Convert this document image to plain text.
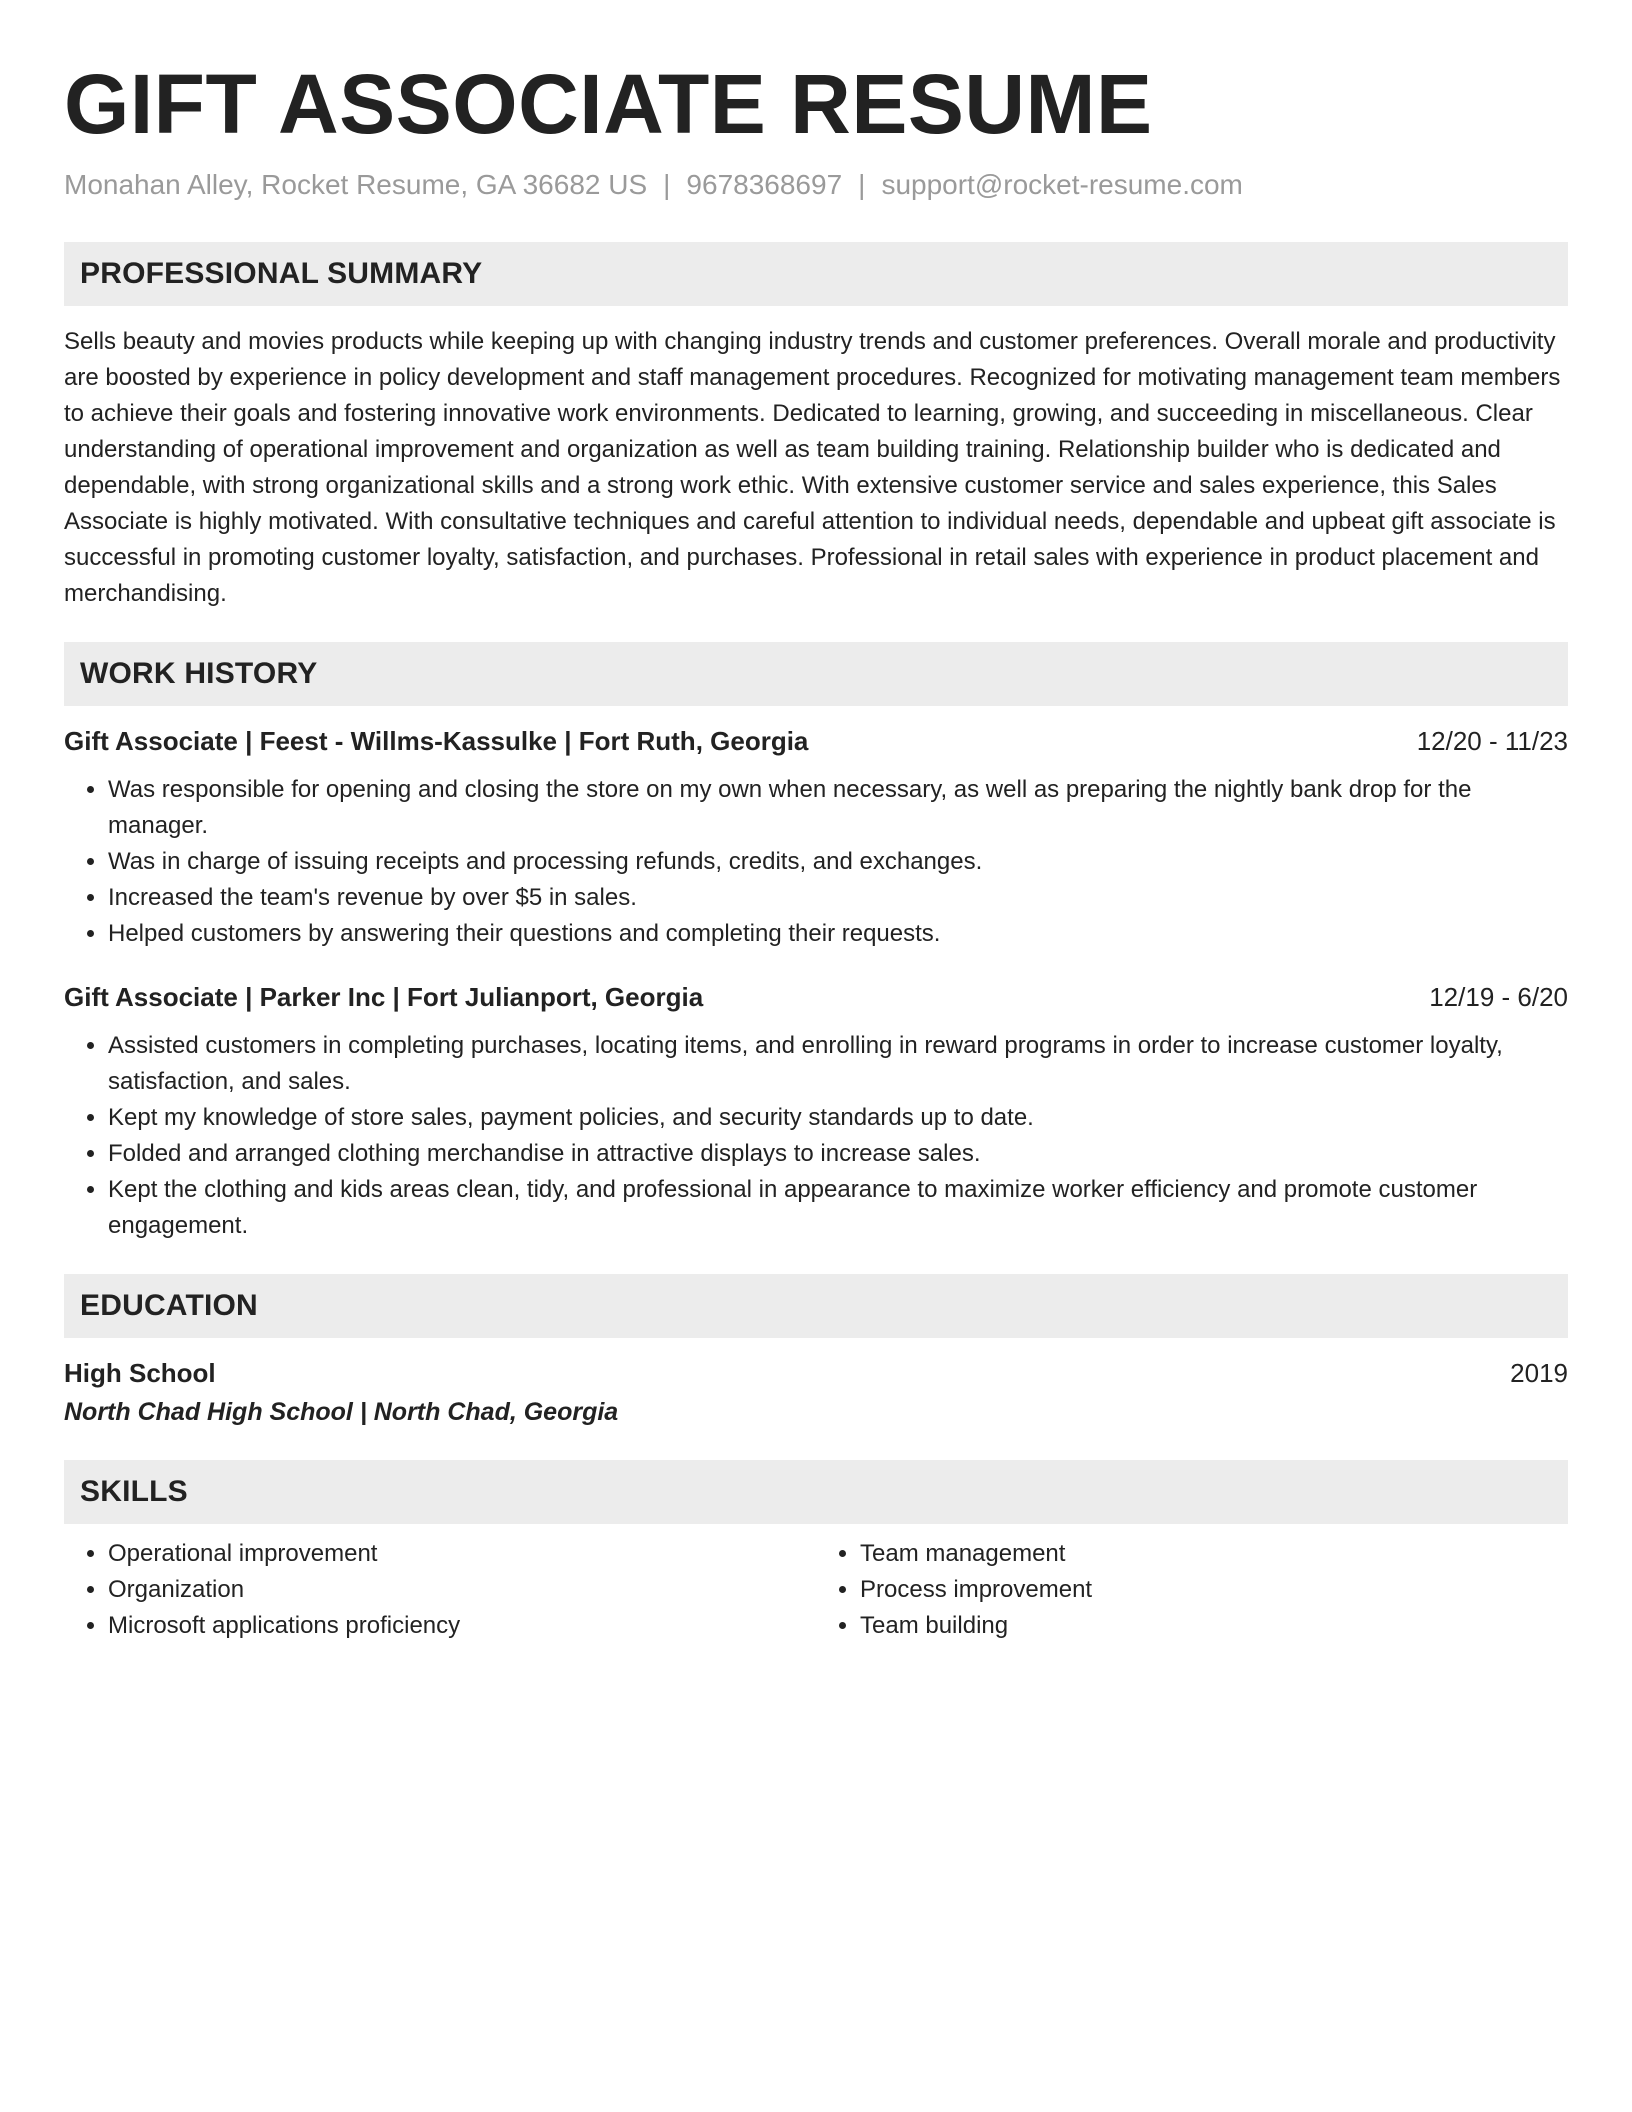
GIFT ASSOCIATE RESUME
Monahan Alley, Rocket Resume, GA 36682 US | 9678368697 | support@rocket-resume.com
PROFESSIONAL SUMMARY

Sells beauty and movies products while keeping up with changing industry trends and customer preferences. Overall morale and productivity are boosted by experience in policy development and staff management procedures. Recognized for motivating management team members to achieve their goals and fostering innovative work environments. Dedicated to learning, growing, and succeeding in miscellaneous. Clear understanding of operational improvement and organization as well as team building training. Relationship builder who is dedicated and dependable, with strong organizational skills and a strong work ethic. With extensive customer service and sales experience, this Sales Associate is highly motivated. With consultative techniques and careful attention to individual needs, dependable and upbeat gift associate is successful in promoting customer loyalty, satisfaction, and purchases. Professional in retail sales with experience in product placement and merchandising.

WORK HISTORY
Gift Associate | Feest - Willms-Kassulke | Fort Ruth, Georgia	12/20 - 11/23
• Was responsible for opening and closing the store on my own when necessary, as well as preparing the nightly bank drop for the manager.
• Was in charge of issuing receipts and processing refunds, credits, and exchanges.
• Increased the team's revenue by over $5 in sales.
• Helped customers by answering their questions and completing their requests.
Gift Associate | Parker Inc | Fort Julianport, Georgia	12/19 - 6/20
• Assisted customers in completing purchases, locating items, and enrolling in reward programs in order to increase customer loyalty, satisfaction, and sales.
• Kept my knowledge of store sales, payment policies, and security standards up to date.
• Folded and arranged clothing merchandise in attractive displays to increase sales.
• Kept the clothing and kids areas clean, tidy, and professional in appearance to maximize worker efficiency and promote customer engagement.
EDUCATION
High School	2019
North Chad High School | North Chad, Georgia
SKILLS
• Operational improvement
• Organization
• Microsoft applications proficiency
• Team management
• Process improvement
• Team building
